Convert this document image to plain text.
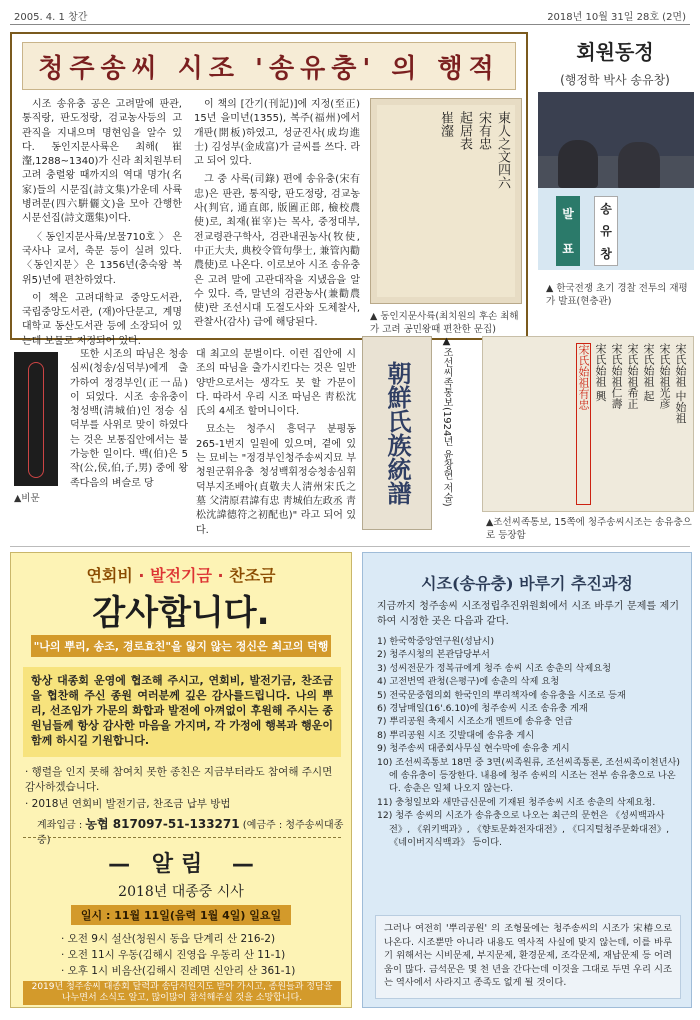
2005. 4. 1 창간	2018년 10월 31일 28호 (2면)
청주송씨 시조 '송유충' 의 행적

시조 송유충 공은 고려말에 판관,통직랑, 판도정랑, 검교농사등의 고관직을 지내으며 명현임을 알수 있다. 동인지문사륙은 최해(崔瀣,1288~1340)가 신라 최치원부터 고려 충렬왕 때까지의 역대 명가(名家)들의 시문집(詩文集)가운데 사륙병려문(四六騈儷文)을 모아 간행한 시문선집(詩文選集)이다.

〈동인지문사륙/보물710호〉은 국사나 교서, 축문 등이 실려 있다. 〈동인지문〉은 1356년(충숙왕 복위5)년에 편찬하였다.

이 책은 고려대학교 중앙도서관, 국립중앙도서관, (재)아단문고, 계명대학교 동산도서관 등에 소장되어 있는데 보물로 지정되어 있다.

이 책의 [간기(刊記)]에 지정(至正) 15년 을미년(1355), 복주(福州)에서 개판(開板)하였고, 성균진사(成均進士) 김성부(金成富)가 글씨를 쓰다. 라고 되어 있다.

그 중 사록(司錄) 편에 송유충(宋有忠)은 판관, 통직랑, 판도정랑, 검교농사(判官, 通直郎, 版圖正郎, 檢校農使)로, 최재(崔宰)는 목사, 중정대부, 전교령관구학사, 검관내권농사(牧使, 中正大夫, 典校令管句學士, 兼管內勸農使)로 나온다. 이로보아 시조 송유충은 고려 말에 고관대작을 지냈음을 알 수 있다. 즉, 말년의 검관농사(兼勸農使)란 조선시대 도절도사와 도체찰사, 관찰사(감사) 급에 해당된다.

東人之文四六
宋有忠
起居表
崔瀣
▲ 동인지문사륙(최치원의 후손 최해가 고려 공민왕때 편찬한 문집)
회원동정
(행정학 박사 송유창)
발
표
송
유
창
▲ 한국전쟁 초기 경찰 전투의 재평가 발표(현충관)
▲비문

또한 시조의 따님은 청송심씨(청송/심덕부)에게 출가하여 정경부인(正一品)이 되었다. 시조 송유충이 청성백(淸城伯)인 정승 심덕부를 사위로 맞이 하였다는 것은 보통집안에서는 불가능한 일이다. 백(伯)은 5작(公,侯,伯,子,男) 중에 왕족다음의 벼슬로 당

대 최고의 문벌이다. 이런 집안에 시조의 따님을 출가시킨다는 것은 일반 양반으로서는 생각도 못 할 가문이다. 따라서 우리 시조 따님은 靑松沈氏의 4세조 할머니이다.

묘소는 청주시 흥덕구 분평동 265-1번지 일원에 있으며, 곁에 있는 묘비는 "정경부인청주송씨지묘 부청원군휘유충 청성백휘정승청송심휘덕부지조배아(貞敬夫人淸州宋氏之墓 父淸原君諱有忠 靑城伯左政丞 靑松沈諱德符之初配也)" 라고 되어 있다.

朝鮮氏族統譜	▲조선씨족통보(1924년 윤창현 저술)	宋氏始祖 中始祖
宋氏始祖光彦
宋氏始祖 起
宋氏始祖希正
宋氏始祖仁壽
宋氏始祖 興
宋氏始祖有忠
▲조선씨족통보, 15쪽에 청주송씨시조는 송유충으로 등장함
연회비 · 발전기금 · 찬조금
감사합니다.
"나의 뿌리, 송조, 경로효친"을 잃지 않는 정신은 최고의 덕행
항상 대종회 운영에 협조해 주시고, 연회비, 발전기금, 찬조금을 협찬해 주신 종원 여러분께 깊은 감사를드립니다. 나의 뿌리, 선조임가 가문의 화합과 발전에 아껴없이 후원해 주시는 종원님들께 항상 감사한 마음을 가지며, 각 가정에 행복과 행운이 함께 하시길 기원합니다.
· 행렬을 인지 못해 참여치 못한 종친은 지금부터라도 참여해 주시면 감사하겠습니다.
· 2018년 연회비 발전기금, 찬조금 납부 방법
계좌입금 : 농협 817097-51-133271 (예금주 : 청주송씨대종중)
— 알림 —
2018년 대종중 시사
일시 : 11월 11일(음력 1월 4일) 일요일
· 오전 9시 설산(청원시 동읍 단계리 산 216-2)
· 오전 11시 우동(김해시 진영읍 우동리 산 11-1)
· 오후 1시 비음산(김해시 진례면 신안리 산 361-1)
2019년 청주송씨 대종회 달력과 송담서원지도 받아 가시고, 종원들과 정담을 나누면서 소식도 알고, 많이많이 참석해주실 것을 소망합니다.
시조(송유충) 바루기 추진과정
지금까지 청주송씨 시조정립추진위원회에서 시조 바루기 문제를 제기하여 시정한 곳은 다음과 같다.
1) 한국학중앙연구원(성남시)
2) 청주시청의 본관담당부서
3) 성씨전문가 정복규에게 청주 송씨 시조 송춘의 삭제요청
4) 고전번역 관청(은평구)에 송춘의 삭제 요청
5) 전국문중협의회 한국인의 뿌리책자에 송유충을 시조로 등재
6) 경남매일(16'.6.10)에 청주송씨 시조 송유충 게재
7) 뿌리공원 축제시 시조소개 멘트에 송유충 언급
8) 뿌리공원 시조 깃발대에 송유충 게시
9) 청주송씨 대종회사무실 현수막에 송유충 게시
10) 조선씨족통보 18면 중 3면(씨족원류, 조선씨족통론, 조선씨족이천년사)에 송유충이 등장한다. 내용에 청주 송씨의 시조는 전부 송유충으로 나온다. 송춘은 일체 나오지 않는다.
11) 충청일보와 새만금신문에 기재된 청주송씨 시조 송춘의 삭제요청.
12) 청주 송씨의 시조가 송유충으로 나오는 최근의 문헌은 《성씨백과사전》, 《위키백과》, 《향토문화전자대전》, 《디지털청주문화대전》, 《네이버지식백과》 등이다.
그러나 여전히 '뿌리공원' 의 조형물에는 청주송씨의 시조가 宋椿으로 나온다. 시조뿐만 아니라 내용도 역사적 사실에 맞지 않는데, 이를 바루기 위해서는 시비문제, 부지문제, 환경문제, 조각문제, 재납문제 등 어려움이 많다. 금석문은 몇 천 년을 간다는데 이것을 그대로 두면 우리 시조는 역사에서 사라지고 종족도 없게 될 것이다.
